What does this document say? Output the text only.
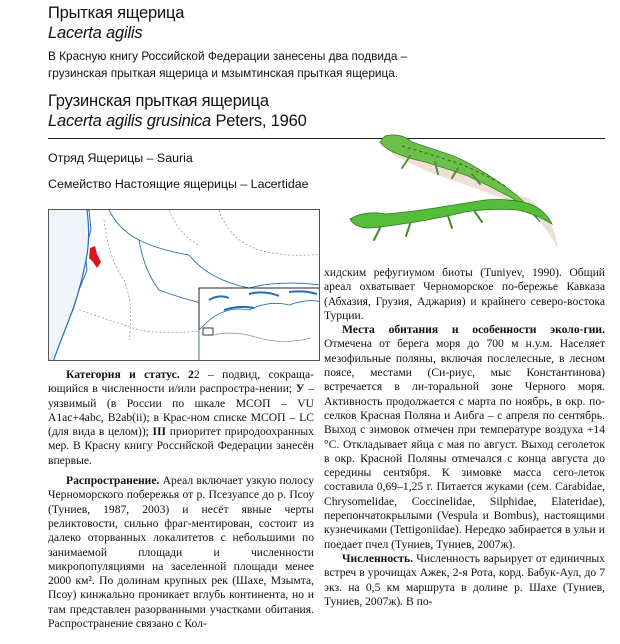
Прыткая ящерица
Lacerta agilis
В Красную книгу Российской Федерации занесены два подвида –
грузинская прыткая ящерица и мзымтинская прыткая ящерица.
Грузинская прыткая ящерица
Lacerta agilis grusinica Peters, 1960
Отряд Ящерицы – Sauria
Семейство Настоящие ящерицы – Lacertidae

Категория и статус. 22 – подвид, сокраща-ющийся в численности и/или распростра-нении; У – уязвимый (в России по шкале МСОП – VU A1ac+4abc, B2ab(ii); в Крас-ном списке МСОП – LC (для вида в целом)); III приоритет природоохранных мер. В Красну книгу Российской Федерации занесён впервые.

Распространение. Ареал включает узкую полосу Черноморского побережья от р. Псезуапсе до р. Псоу (Туниев, 1987, 2003) и несёт явные черты реликтовости, сильно фраг-ментирован, состоит из далеко оторванных локалитетов с небольшими по занимаемой площади и численности микропопуляциями на заселенной площади менее 2000 км². По долинам крупных рек (Шахе, Мзымта, Псоу) кинжально проникает вглубь континента, но и там представлен разорванными участками обитания. Распространение связано с Кол-

хидским рефугиумом биоты (Tuniyev, 1990). Общий ареал охватывает Черноморское по-бережье Кавказа (Абхазия, Грузия, Аджария) и крайнего северо-востока Турции.

Места обитания и особенности эколо-гии. Отмечена от берега моря до 700 м н.у.м. Населяет мезофильные поляны, включая послелесные, в лесном поясе, местами (Си-риус, мыс Константинова) встречается в ли-торальной зоне Черного моря. Активность продолжается с марта по ноябрь, в окр. по-селков Красная Поляна и Аибга – с апреля по сентябрь. Выход с зимовок отмечен при температуре воздуха +14 °С. Откладывает яйца с мая по август. Выход сеголеток в окр. Красной Поляны отмечался с конца августа до середины сентября. К зимовке масса сего-леток составила 0,69–1,25 г. Питается жуками (сем. Carabidae, Chrysomelidae, Coccinelidae, Silphidae, Elateridae), перепончатокрылыми (Vespula и Bombus), настоящими кузнечиками (Tettigoniidae). Нередко забирается в ульи и поедает пчел (Туниев, Туниев, 2007ж).

Численность. Численность варьирует от единичных встреч в урочищах Ажек, 2-я Рота, корд. Бабук-Аул, до 7 экз. на 0,5 км маршрута в долине р. Шахе (Туниев, Туниев, 2007ж). В по-
